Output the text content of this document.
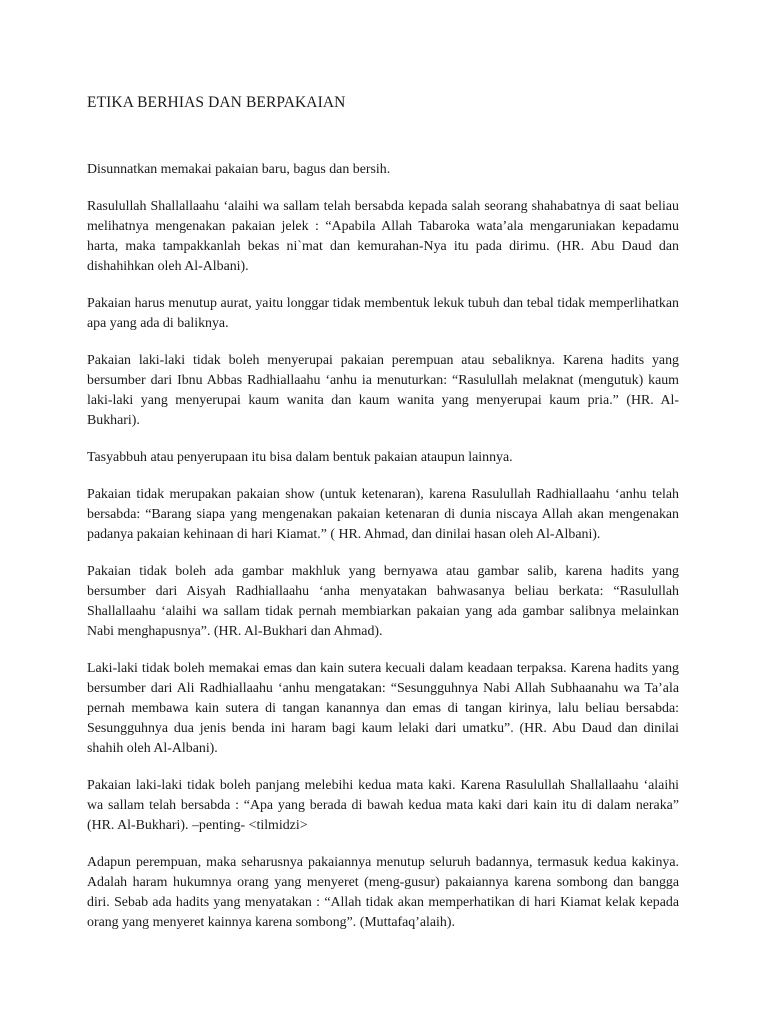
ETIKA BERHIAS DAN BERPAKAIAN

Disunnatkan memakai pakaian baru, bagus dan bersih.

Rasulullah Shallallaahu ‘alaihi wa sallam telah bersabda kepada salah seorang shahabatnya di saat beliau melihatnya mengenakan pakaian jelek : “Apabila Allah Tabaroka wata’ala mengaruniakan kepadamu harta, maka tampakkanlah bekas ni`mat dan kemurahan-Nya itu pada dirimu. (HR. Abu Daud dan dishahihkan oleh Al-Albani).

Pakaian harus menutup aurat, yaitu longgar tidak membentuk lekuk tubuh dan tebal tidak memperlihatkan apa yang ada di baliknya.

Pakaian laki-laki tidak boleh menyerupai pakaian perempuan atau sebaliknya. Karena hadits yang bersumber dari Ibnu Abbas Radhiallaahu ‘anhu ia menuturkan: “Rasulullah melaknat (mengutuk) kaum laki-laki yang menyerupai kaum wanita dan kaum wanita yang menyerupai kaum pria.” (HR. Al-Bukhari).

Tasyabbuh atau penyerupaan itu bisa dalam bentuk pakaian ataupun lainnya.

Pakaian tidak merupakan pakaian show (untuk ketenaran), karena Rasulullah Radhiallaahu ‘anhu telah bersabda: “Barang siapa yang mengenakan pakaian ketenaran di dunia niscaya Allah akan mengenakan padanya pakaian kehinaan di hari Kiamat.” ( HR. Ahmad, dan dinilai hasan oleh Al-Albani).

Pakaian tidak boleh ada gambar makhluk yang bernyawa atau gambar salib, karena hadits yang bersumber dari Aisyah Radhiallaahu ‘anha menyatakan bahwasanya beliau berkata: “Rasulullah Shallallaahu ‘alaihi wa sallam tidak pernah membiarkan pakaian yang ada gambar salibnya melainkan Nabi menghapusnya”. (HR. Al-Bukhari dan Ahmad).

Laki-laki tidak boleh memakai emas dan kain sutera kecuali dalam keadaan terpaksa. Karena hadits yang bersumber dari Ali Radhiallaahu ‘anhu mengatakan: “Sesungguhnya Nabi Allah Subhaanahu wa Ta’ala pernah membawa kain sutera di tangan kanannya dan emas di tangan kirinya, lalu beliau bersabda: Sesungguhnya dua jenis benda ini haram bagi kaum lelaki dari umatku”. (HR. Abu Daud dan dinilai shahih oleh Al-Albani).

Pakaian laki-laki tidak boleh panjang melebihi kedua mata kaki. Karena Rasulullah Shallallaahu ‘alaihi wa sallam telah bersabda : “Apa yang berada di bawah kedua mata kaki dari kain itu di dalam neraka” (HR. Al-Bukhari). –penting- <tilmidzi>

Adapun perempuan, maka seharusnya pakaiannya menutup seluruh badannya, termasuk kedua kakinya. Adalah haram hukumnya orang yang menyeret (meng-gusur) pakaiannya karena sombong dan bangga diri. Sebab ada hadits yang menyatakan : “Allah tidak akan memperhatikan di hari Kiamat kelak kepada orang yang menyeret kainnya karena sombong”. (Muttafaq’alaih).
